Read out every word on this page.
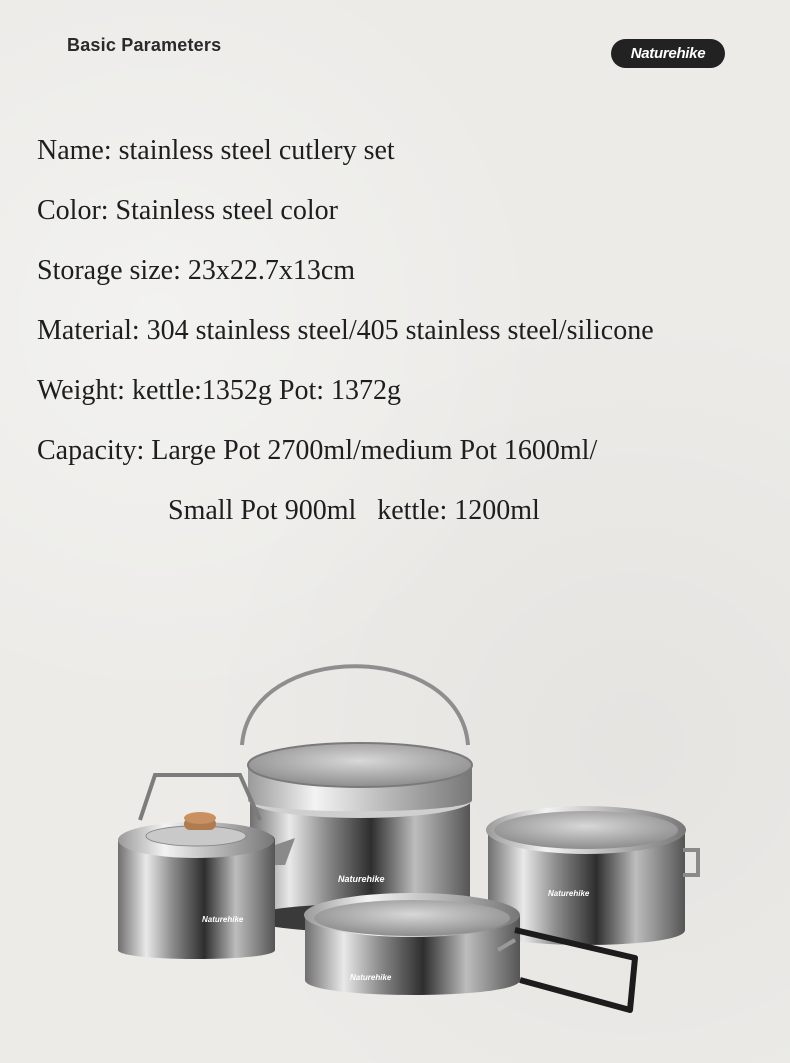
Basic Parameters	Naturehike
Name: stainless steel cutlery set
Color: Stainless steel color
Storage size: 23x22.7x13cm
Material: 304 stainless steel/405 stainless steel/silicone
Weight: kettle:1352g Pot: 1372g
Capacity: Large Pot 2700ml/medium Pot 1600ml/
Small Pot 900ml   kettle: 1200ml
Naturehike
Naturehike
Naturehike
Naturehike
